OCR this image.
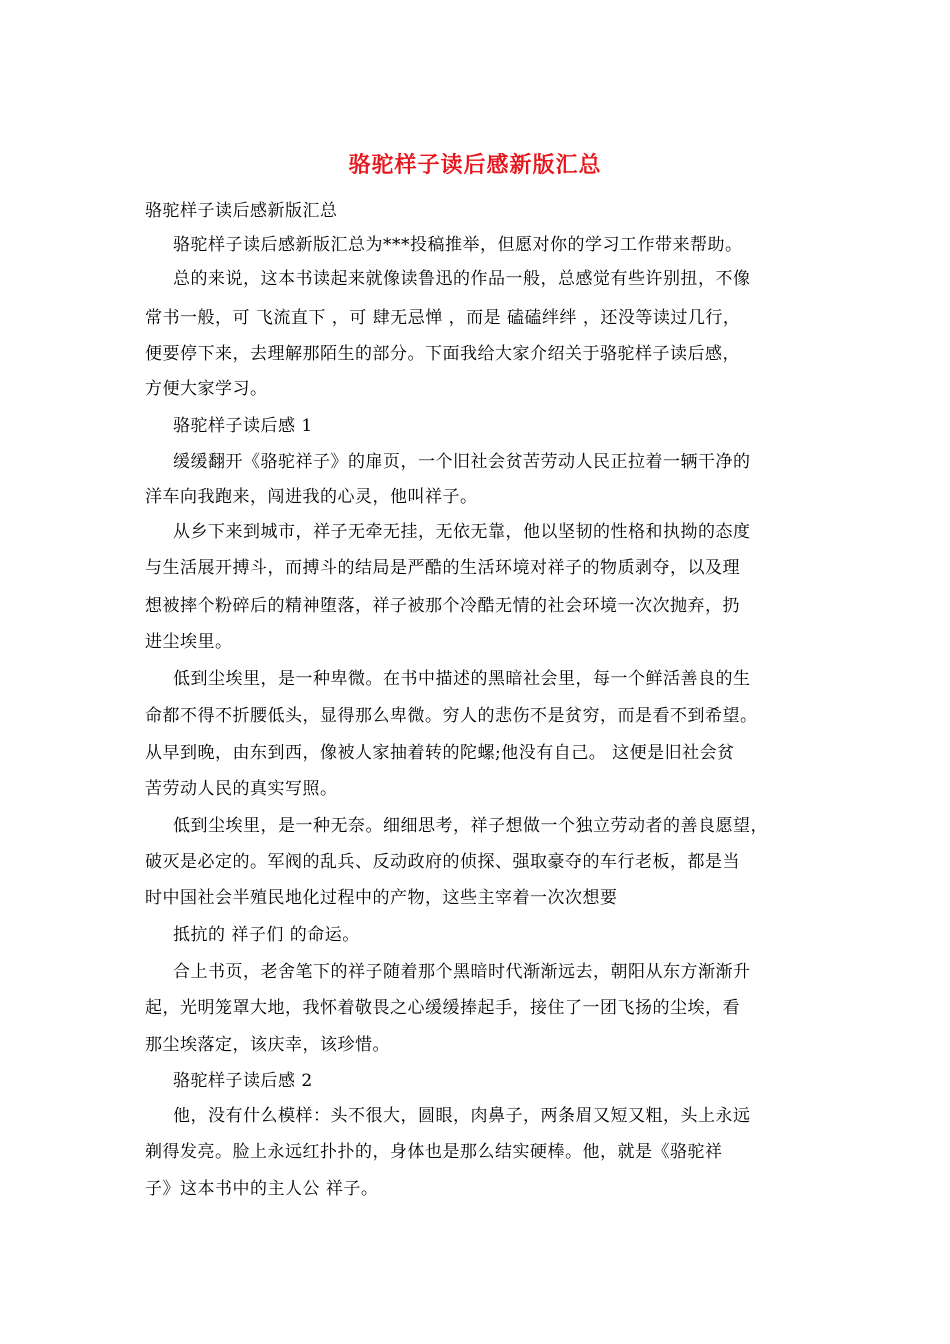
骆驼样子读后感新版汇总
骆驼样子读后感新版汇总
骆驼样子读后感新版汇总为***投稿推举，但愿对你的学习工作带来帮助。
总的来说，这本书读起来就像读鲁迅的作品一般，总感觉有些许别扭，不像
常书一般，可 飞流直下 ，可 肆无忌惮 ，而是 磕磕绊绊 ，还没等读过几行，
便要停下来，去理解那陌生的部分。下面我给大家介绍关于骆驼样子读后感，
方便大家学习。
骆驼样子读后感 1
缓缓翻开《骆驼祥子》的扉页，一个旧社会贫苦劳动人民正拉着一辆干净的
洋车向我跑来，闯进我的心灵，他叫祥子。
从乡下来到城市，祥子无牵无挂，无依无靠，他以坚韧的性格和执拗的态度
与生活展开搏斗，而搏斗的结局是严酷的生活环境对祥子的物质剥夺，以及理
想被摔个粉碎后的精神堕落，祥子被那个冷酷无情的社会环境一次次抛弃，扔
进尘埃里。
低到尘埃里，是一种卑微。在书中描述的黑暗社会里，每一个鲜活善良的生
命都不得不折腰低头，显得那么卑微。穷人的悲伤不是贫穷，而是看不到希望。
从早到晚，由东到西，像被人家抽着转的陀螺;他没有自己。 这便是旧社会贫
苦劳动人民的真实写照。
低到尘埃里，是一种无奈。细细思考，祥子想做一个独立劳动者的善良愿望，
破灭是必定的。军阀的乱兵、反动政府的侦探、强取豪夺的车行老板，都是当
时中国社会半殖民地化过程中的产物，这些主宰着一次次想要
抵抗的 祥子们 的命运。
合上书页，老舍笔下的祥子随着那个黑暗时代渐渐远去，朝阳从东方渐渐升
起，光明笼罩大地，我怀着敬畏之心缓缓捧起手，接住了一团飞扬的尘埃，看
那尘埃落定，该庆幸，该珍惜。
骆驼样子读后感 2
他，没有什么模样：头不很大，圆眼，肉鼻子，两条眉又短又粗，头上永远
剃得发亮。脸上永远红扑扑的，身体也是那么结实硬棒。他，就是《骆驼祥
子》这本书中的主人公 祥子。
